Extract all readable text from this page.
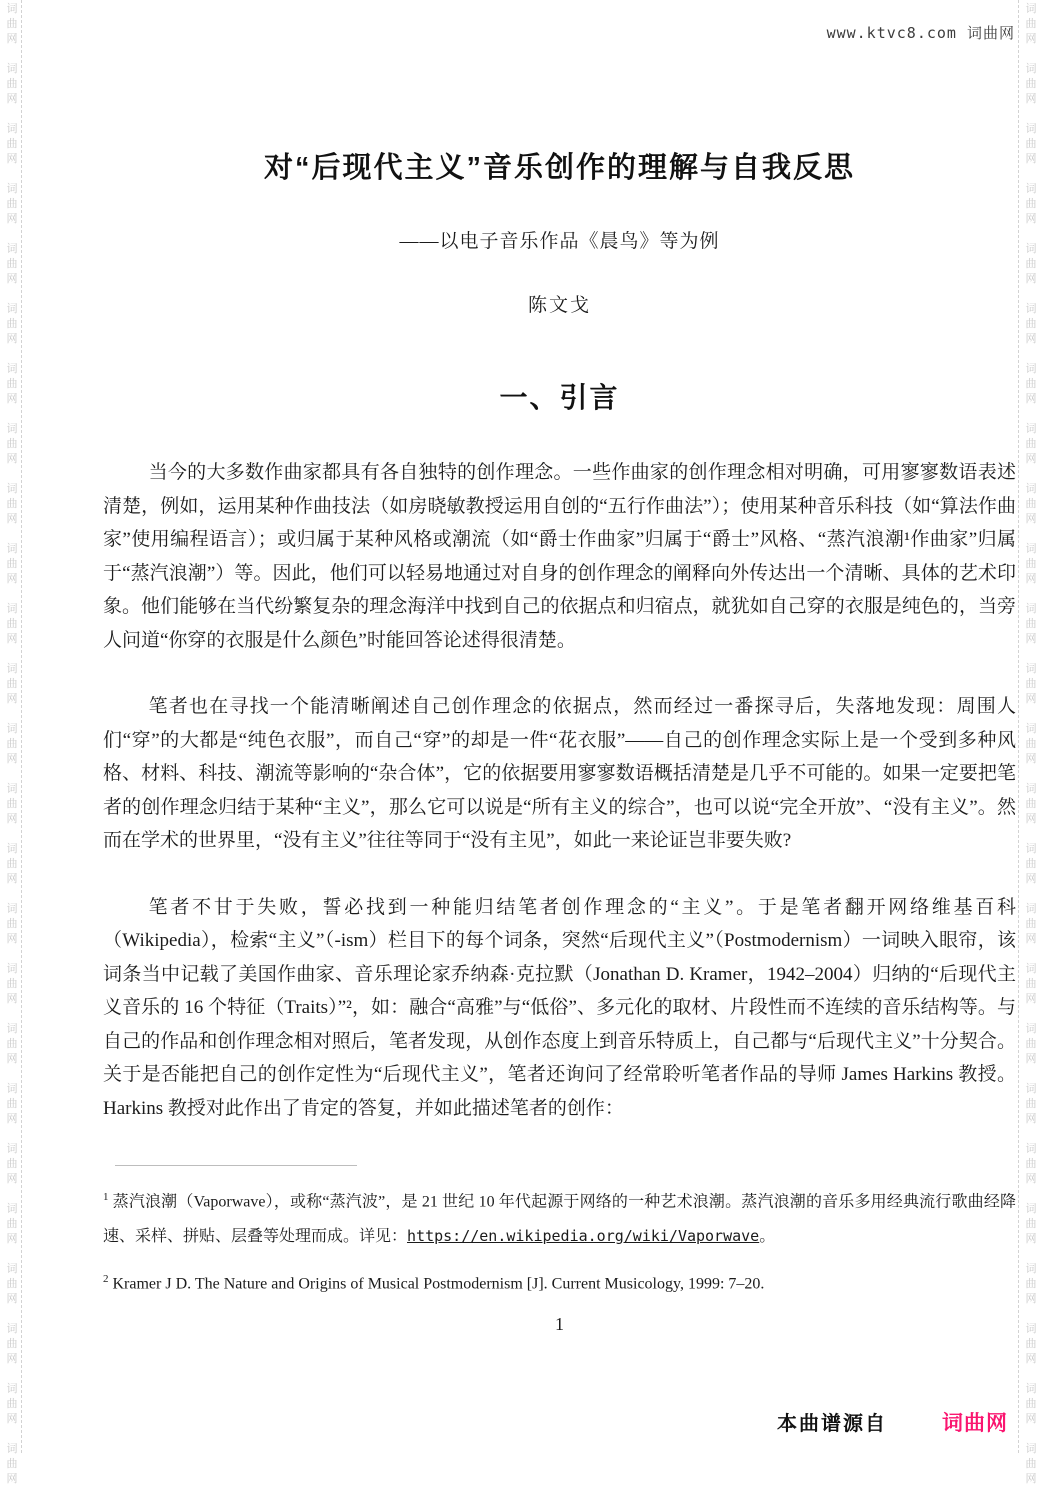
词
曲
网
词
曲
网
词
曲
网
词
曲
网
词
曲
网
词
曲
网
词
曲
网
词
曲
网
词
曲
网
词
曲
网
词
曲
网
词
曲
网
词
曲
网
词
曲
网
词
曲
网
词
曲
网
词
曲
网
词
曲
网
词
曲
网
词
曲
网
词
曲
网
词
曲
网
词
曲
网
词
曲
网
词
曲
网
词
曲
网
词
曲
网
词
曲
网
词
曲
网
词
曲
网
词
曲
网
词
曲
网
词
曲
网
词
曲
网
词
曲
网
词
曲
网
词
曲
网
词
曲
网
词
曲
网
词
曲
网
词
曲
网
词
曲
网
词
曲
网
词
曲
网
词
曲
网
词
曲
网
词
曲
网
词
曲
网
词
曲
网
词
曲
网
www.ktvc8.com 词曲网
对“后现代主义”音乐创作的理解与自我反思
——以电子音乐作品《晨鸟》等为例
陈文戈
一、引言

当今的大多数作曲家都具有各自独特的创作理念。一些作曲家的创作理念相对明确，可用寥寥数语表述清楚，例如，运用某种作曲技法（如房晓敏教授运用自创的“五行作曲法”）；使用某种音乐科技（如“算法作曲家”使用编程语言）；或归属于某种风格或潮流（如“爵士作曲家”归属于“爵士”风格、“蒸汽浪潮¹作曲家”归属于“蒸汽浪潮”）等。因此，他们可以轻易地通过对自身的创作理念的阐释向外传达出一个清晰、具体的艺术印象。他们能够在当代纷繁复杂的理念海洋中找到自己的依据点和归宿点，就犹如自己穿的衣服是纯色的，当旁人问道“你穿的衣服是什么颜色”时能回答论述得很清楚。

笔者也在寻找一个能清晰阐述自己创作理念的依据点，然而经过一番探寻后，失落地发现：周围人们“穿”的大都是“纯色衣服”，而自己“穿”的却是一件“花衣服”——自己的创作理念实际上是一个受到多种风格、材料、科技、潮流等影响的“杂合体”，它的依据要用寥寥数语概括清楚是几乎不可能的。如果一定要把笔者的创作理念归结于某种“主义”，那么它可以说是“所有主义的综合”，也可以说“完全开放”、“没有主义”。然而在学术的世界里，“没有主义”往往等同于“没有主见”，如此一来论证岂非要失败?

笔者不甘于失败，誓必找到一种能归结笔者创作理念的“主义”。于是笔者翻开网络维基百科（Wikipedia），检索“主义”（-ism）栏目下的每个词条，突然“后现代主义”（Postmodernism）一词映入眼帘，该词条当中记载了美国作曲家、音乐理论家乔纳森·克拉默（Jonathan D. Kramer，1942–2004）归纳的“后现代主义音乐的 16 个特征（Traits）”²，如：融合“高雅”与“低俗”、多元化的取材、片段性而不连续的音乐结构等。与自己的作品和创作理念相对照后，笔者发现，从创作态度上到音乐特质上，自己都与“后现代主义”十分契合。关于是否能把自己的创作定性为“后现代主义”，笔者还询问了经常聆听笔者作品的导师 James Harkins 教授。Harkins 教授对此作出了肯定的答复，并如此描述笔者的创作：

$^1$ 蒸汽浪潮（Vaporwave），或称“蒸汽波”，是 21 世纪 10 年代起源于网络的一种艺术浪潮。蒸汽浪潮的音乐多用经典流行歌曲经降速、采样、拼贴、层叠等处理而成。详见：https://en.wikipedia.org/wiki/Vaporwave。
$^2$ Kramer J D. The Nature and Origins of Musical Postmodernism [J]. Current Musicology, 1999: 7–20.
1
本曲谱源自	词曲网
